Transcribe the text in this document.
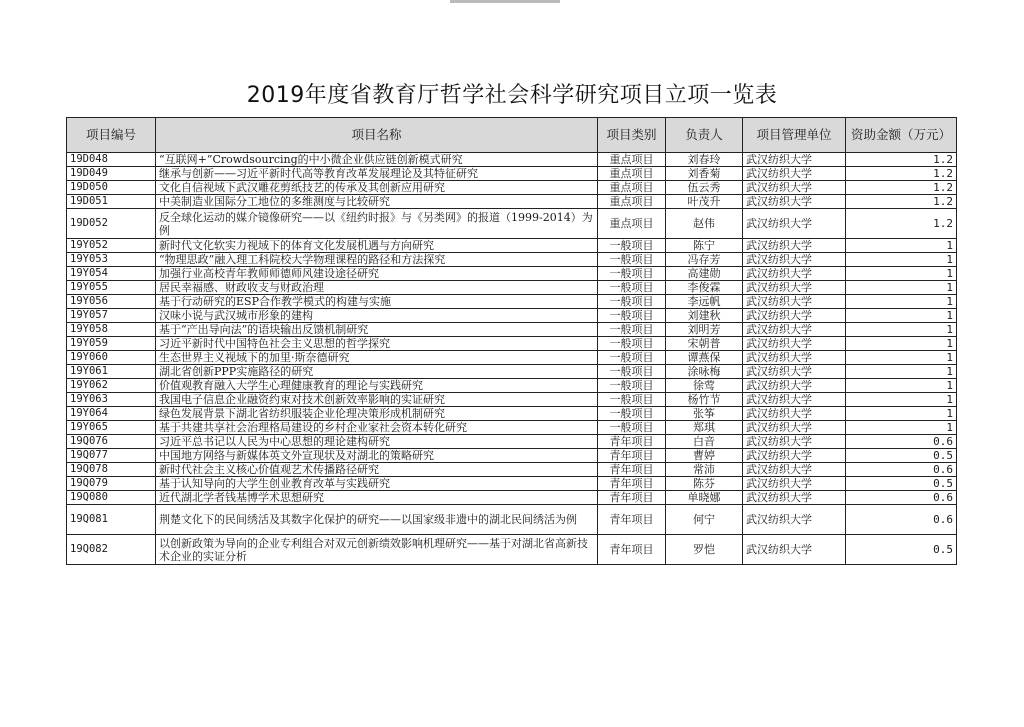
2019年度省教育厅哲学社会科学研究项目立项一览表
项目编号	项目名称	项目类别	负责人	项目管理单位	资助金额（万元）
19D048	“互联网+”Crowdsourcing的中小微企业供应链创新模式研究	重点项目	刘春玲	武汉纺织大学	1.2
19D049	继承与创新——习近平新时代高等教育改革发展理论及其特征研究	重点项目	刘香菊	武汉纺织大学	1.2
19D050	文化自信视域下武汉雕花剪纸技艺的传承及其创新应用研究	重点项目	伍云秀	武汉纺织大学	1.2
19D051	中美制造业国际分工地位的多维测度与比较研究	重点项目	叶茂升	武汉纺织大学	1.2
19D052	反全球化运动的媒介镜像研究——以《纽约时报》与《另类网》的报道（1999-2014）为例	重点项目	赵伟	武汉纺织大学	1.2
19Y052	新时代文化软实力视域下的体育文化发展机遇与方向研究	一般项目	陈宁	武汉纺织大学	1
19Y053	“物理思政”融入理工科院校大学物理课程的路径和方法探究	一般项目	冯存芳	武汉纺织大学	1
19Y054	加强行业高校青年教师师德师风建设途径研究	一般项目	高建勋	武汉纺织大学	1
19Y055	居民幸福感、财政收支与财政治理	一般项目	李俊霖	武汉纺织大学	1
19Y056	基于行动研究的ESP合作教学模式的构建与实施	一般项目	李远帆	武汉纺织大学	1
19Y057	汉味小说与武汉城市形象的建构	一般项目	刘建秋	武汉纺织大学	1
19Y058	基于“产出导向法”的语块输出反馈机制研究	一般项目	刘明芳	武汉纺织大学	1
19Y059	习近平新时代中国特色社会主义思想的哲学探究	一般项目	宋朝普	武汉纺织大学	1
19Y060	生态世界主义视域下的加里·斯奈德研究	一般项目	谭燕保	武汉纺织大学	1
19Y061	湖北省创新PPP实施路径的研究	一般项目	涂咏梅	武汉纺织大学	1
19Y062	价值观教育融入大学生心理健康教育的理论与实践研究	一般项目	徐莺	武汉纺织大学	1
19Y063	我国电子信息企业融资约束对技术创新效率影响的实证研究	一般项目	杨竹节	武汉纺织大学	1
19Y064	绿色发展背景下湖北省纺织服装企业伦理决策形成机制研究	一般项目	张筝	武汉纺织大学	1
19Y065	基于共建共享社会治理格局建设的乡村企业家社会资本转化研究	一般项目	郑琪	武汉纺织大学	1
19Q076	习近平总书记以人民为中心思想的理论建构研究	青年项目	白音	武汉纺织大学	0.6
19Q077	中国地方网络与新媒体英文外宣现状及对湖北的策略研究	青年项目	曹婷	武汉纺织大学	0.5
19Q078	新时代社会主义核心价值观艺术传播路径研究	青年项目	常沛	武汉纺织大学	0.6
19Q079	基于认知导向的大学生创业教育改革与实践研究	青年项目	陈芬	武汉纺织大学	0.5
19Q080	近代湖北学者钱基博学术思想研究	青年项目	单晓娜	武汉纺织大学	0.6
19Q081	荆楚文化下的民间绣活及其数字化保护的研究——以国家级非遗中的湖北民间绣活为例	青年项目	何宁	武汉纺织大学	0.6
19Q082	以创新政策为导向的企业专利组合对双元创新绩效影响机理研究——基于对湖北省高新技术企业的实证分析	青年项目	罗恺	武汉纺织大学	0.5
